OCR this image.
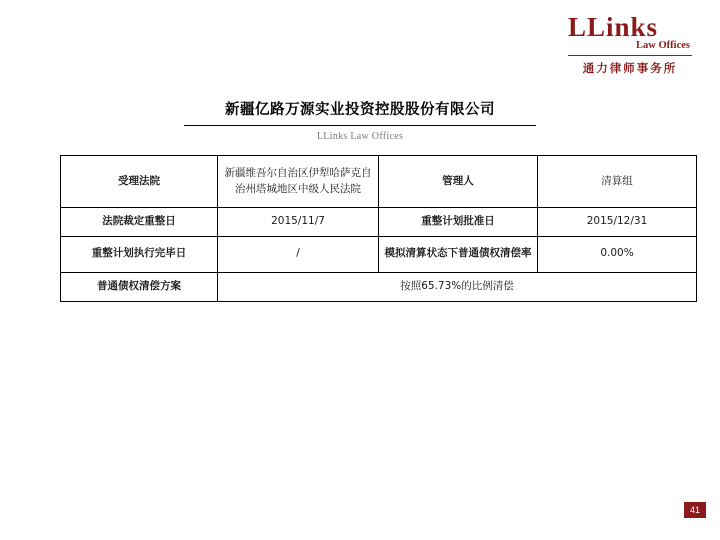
LLinks
Law Offices
通力律师事务所
新疆亿路万源实业投资控股股份有限公司
LLinks Law Offices
受理法院	新疆维吾尔自治区伊犁哈萨克自治州塔城地区中级人民法院	管理人	清算组
法院裁定重整日	2015/11/7	重整计划批准日	2015/12/31
重整计划执行完毕日	/	模拟清算状态下普通债权清偿率	0.00%
普通债权清偿方案	按照65.73%的比例清偿		
41
